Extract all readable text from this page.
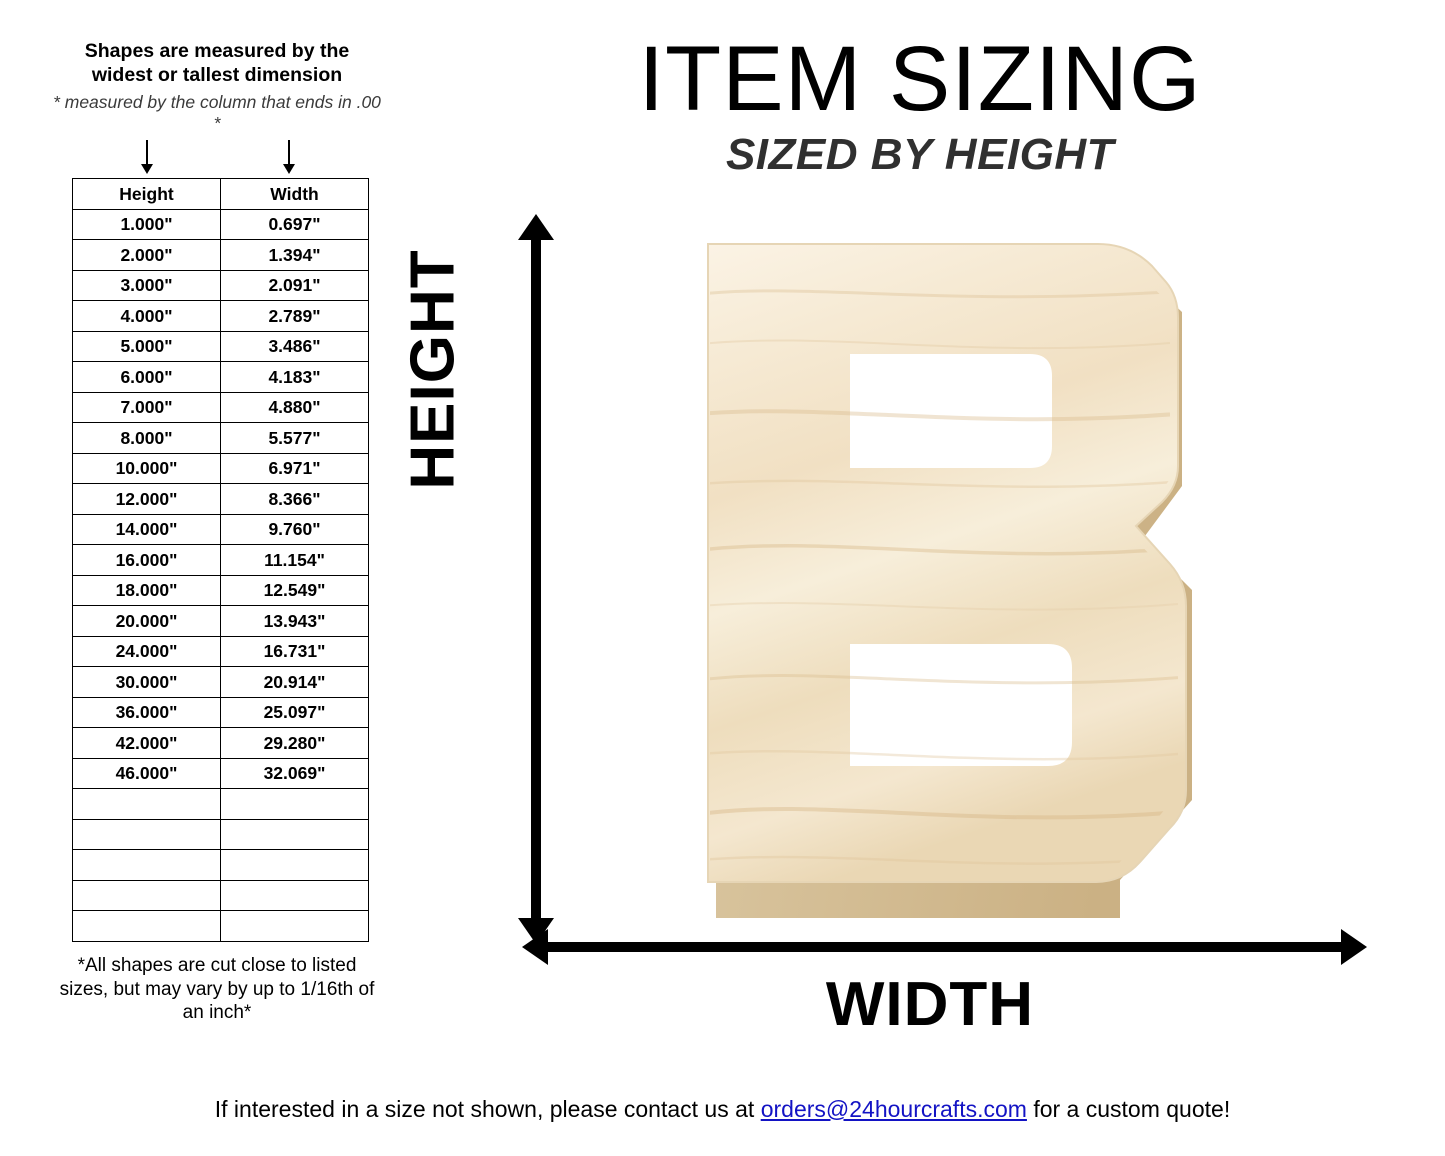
Shapes are measured by the widest or tallest dimension
* measured by the column that ends in .00 *
Height	Width
1.000"	0.697"
2.000"	1.394"
3.000"	2.091"
4.000"	2.789"
5.000"	3.486"
6.000"	4.183"
7.000"	4.880"
8.000"	5.577"
10.000"	6.971"
12.000"	8.366"
14.000"	9.760"
16.000"	11.154"
18.000"	12.549"
20.000"	13.943"
24.000"	16.731"
30.000"	20.914"
36.000"	25.097"
42.000"	29.280"
46.000"	32.069"

*All shapes are cut close to listed sizes, but may vary by up to 1/16th of an inch*
ITEM SIZING
SIZED BY HEIGHT
HEIGHT
WIDTH
If interested in a size not shown, please contact us at orders@24hourcrafts.com for a custom quote!
